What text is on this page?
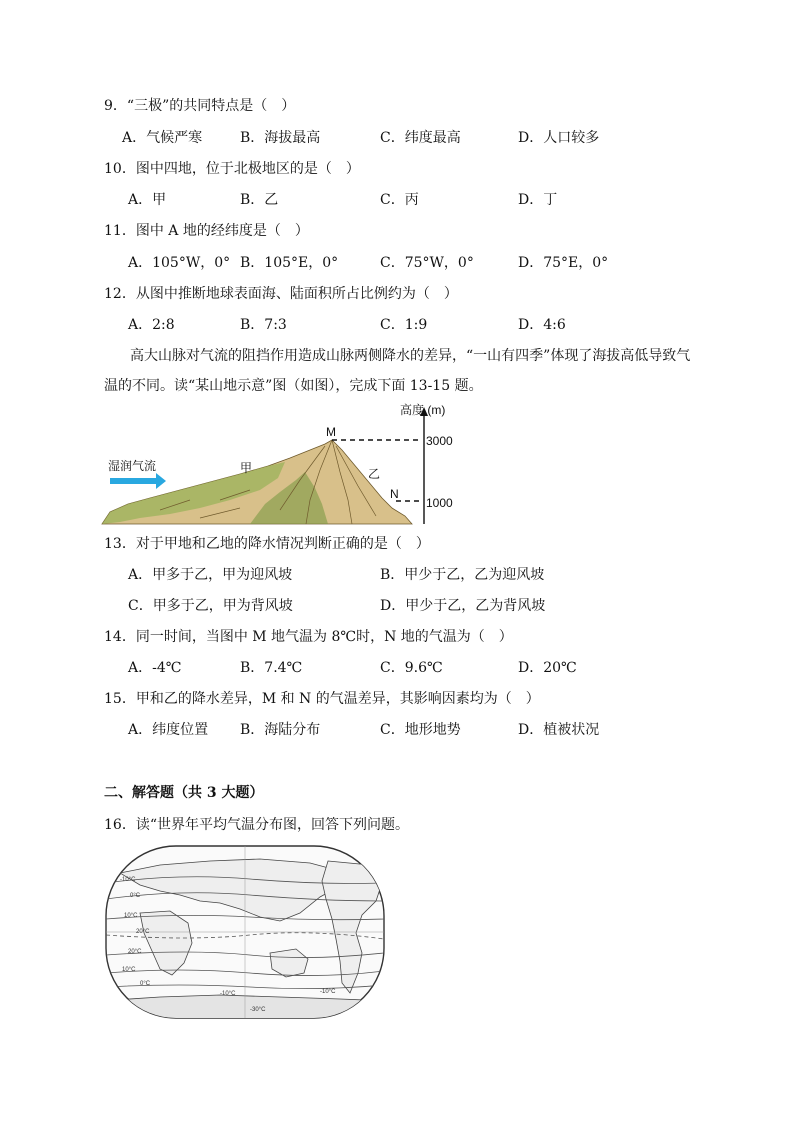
9．“三极”的共同特点是（　）
A．气候严寒	B．海拔最高	C．纬度最高	D．人口较多
10．图中四地，位于北极地区的是（　）
A．甲	B．乙	C．丙	D．丁
11．图中 A 地的经纬度是（　）
A．105°W，0° B．105°E，0°	C．75°W，0°	D．75°E，0°
12．从图中推断地球表面海、陆面积所占比例约为（　）
A．2:8	B．7:3	C．1:9	D．4:6
高大山脉对气流的阻挡作用造成山脉两侧降水的差异，“一山有四季”体现了海拔高低导致气
温的不同。读“某山地示意”图（如图），完成下面 13-15 题。
高度 (m)
3000
1000
M
N
甲	乙
湿润气流
13．对于甲地和乙地的降水情况判断正确的是（　）
A．甲多于乙，甲为迎风坡	B．甲少于乙，乙为迎风坡
C．甲多于乙，甲为背风坡	D．甲少于乙，乙为背风坡
14．同一时间，当图中 M 地气温为 8℃时，N 地的气温为（　）
A．-4℃	B．7.4℃	C．9.6℃	D．20℃
15．甲和乙的降水差异，M 和 N 的气温差异，其影响因素均为（　）
A．纬度位置 B．海陆分布	C．地形地势	D．植被状况
二、解答题（共 3 大题）
16．读“世界年平均气温分布图，回答下列问题。
-10°C
0°C
10°C
20°C
20°C
10°C
0°C
-10°C
-30°C
-10°C
